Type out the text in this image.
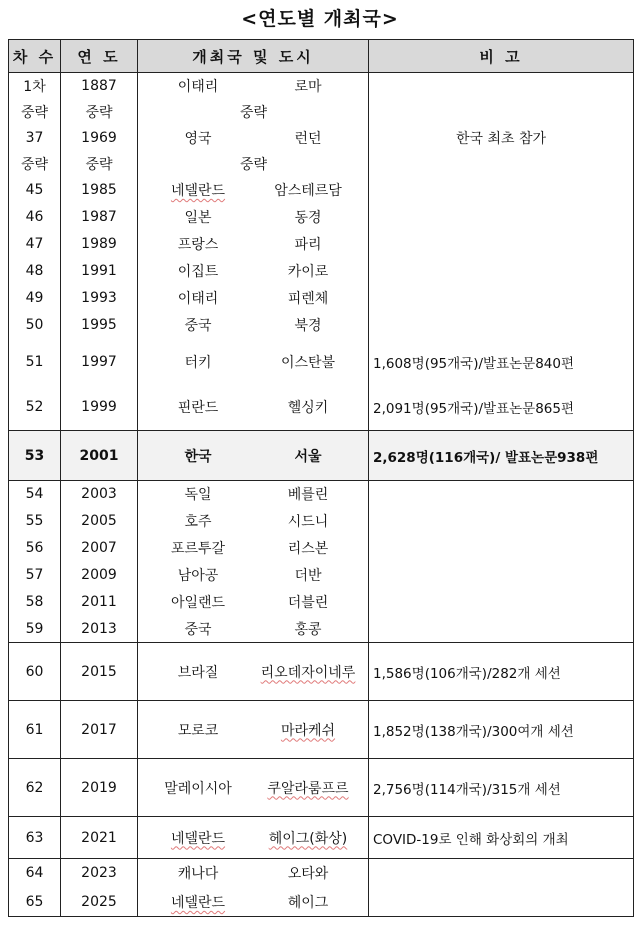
<연도별 개최국>
차 수	연 도	개최국 및 도시	비 고
1차	1887	이태리 로마	

중략	중략	중략	

37	1969	영국 런던	한국 최초 참가
중략	중략	중략	

45	1985	네델란드 암스테르담	

46	1987	일본 동경	

47	1989	프랑스 파리	

48	1991	이집트 카이로	

49	1993	이태리 피렌체	

50	1995	중국 북경	

51	1997	터키 이스탄불	1,608명(95개국)/발표논문840편
52	1999	핀란드 헬싱키	2,091명(95개국)/발표논문865편
53	2001	한국 서울	2,628명(116개국)/ 발표논문938편
54	2003	독일 베를린	

55	2005	호주 시드니	

56	2007	포르투갈 리스본	

57	2009	남아공 더반	

58	2011	아일랜드 더블린	

59	2013	중국 홍콩	

60	2015	브라질 리오데자이네루	1,586명(106개국)/282개 세션
61	2017	모로코 마라케쉬	1,852명(138개국)/300여개 세션
62	2019	말레이시아 쿠알라룸프르	2,756명(114개국)/315개 세션
63	2021	네델란드 헤이그(화상)	COVID-19로 인해 화상회의 개최
64	2023	캐나다 오타와	

65	2025	네델란드 헤이그	
